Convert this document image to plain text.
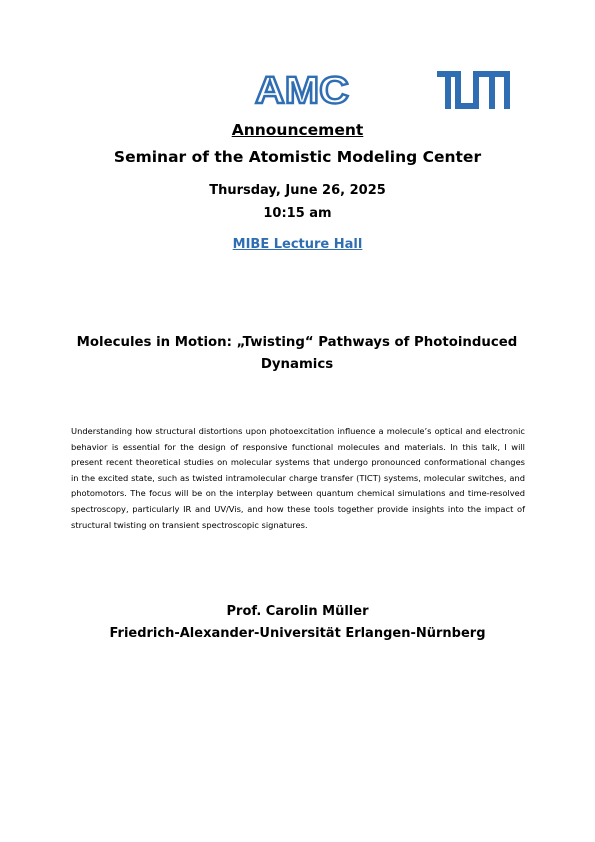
AMC
Announcement
Seminar of the Atomistic Modeling Center
Thursday, June 26, 2025
10:15 am
MIBE Lecture Hall
Molecules in Motion: „Twisting“ Pathways of Photoinduced Dynamics
Understanding how structural distortions upon photoexcitation influence a molecule’s optical and electronic behavior is essential for the design of responsive functional molecules and materials. In this talk, I will present recent theoretical studies on molecular systems that undergo pronounced conformational changes in the excited state, such as twisted intramolecular charge transfer (TICT) systems, molecular switches, and photomotors. The focus will be on the interplay between quantum chemical simulations and time-resolved spectroscopy, particularly IR and UV/Vis, and how these tools together provide insights into the impact of structural twisting on transient spectroscopic signatures.
Prof. Carolin Müller
Friedrich-Alexander-Universität Erlangen-Nürnberg
